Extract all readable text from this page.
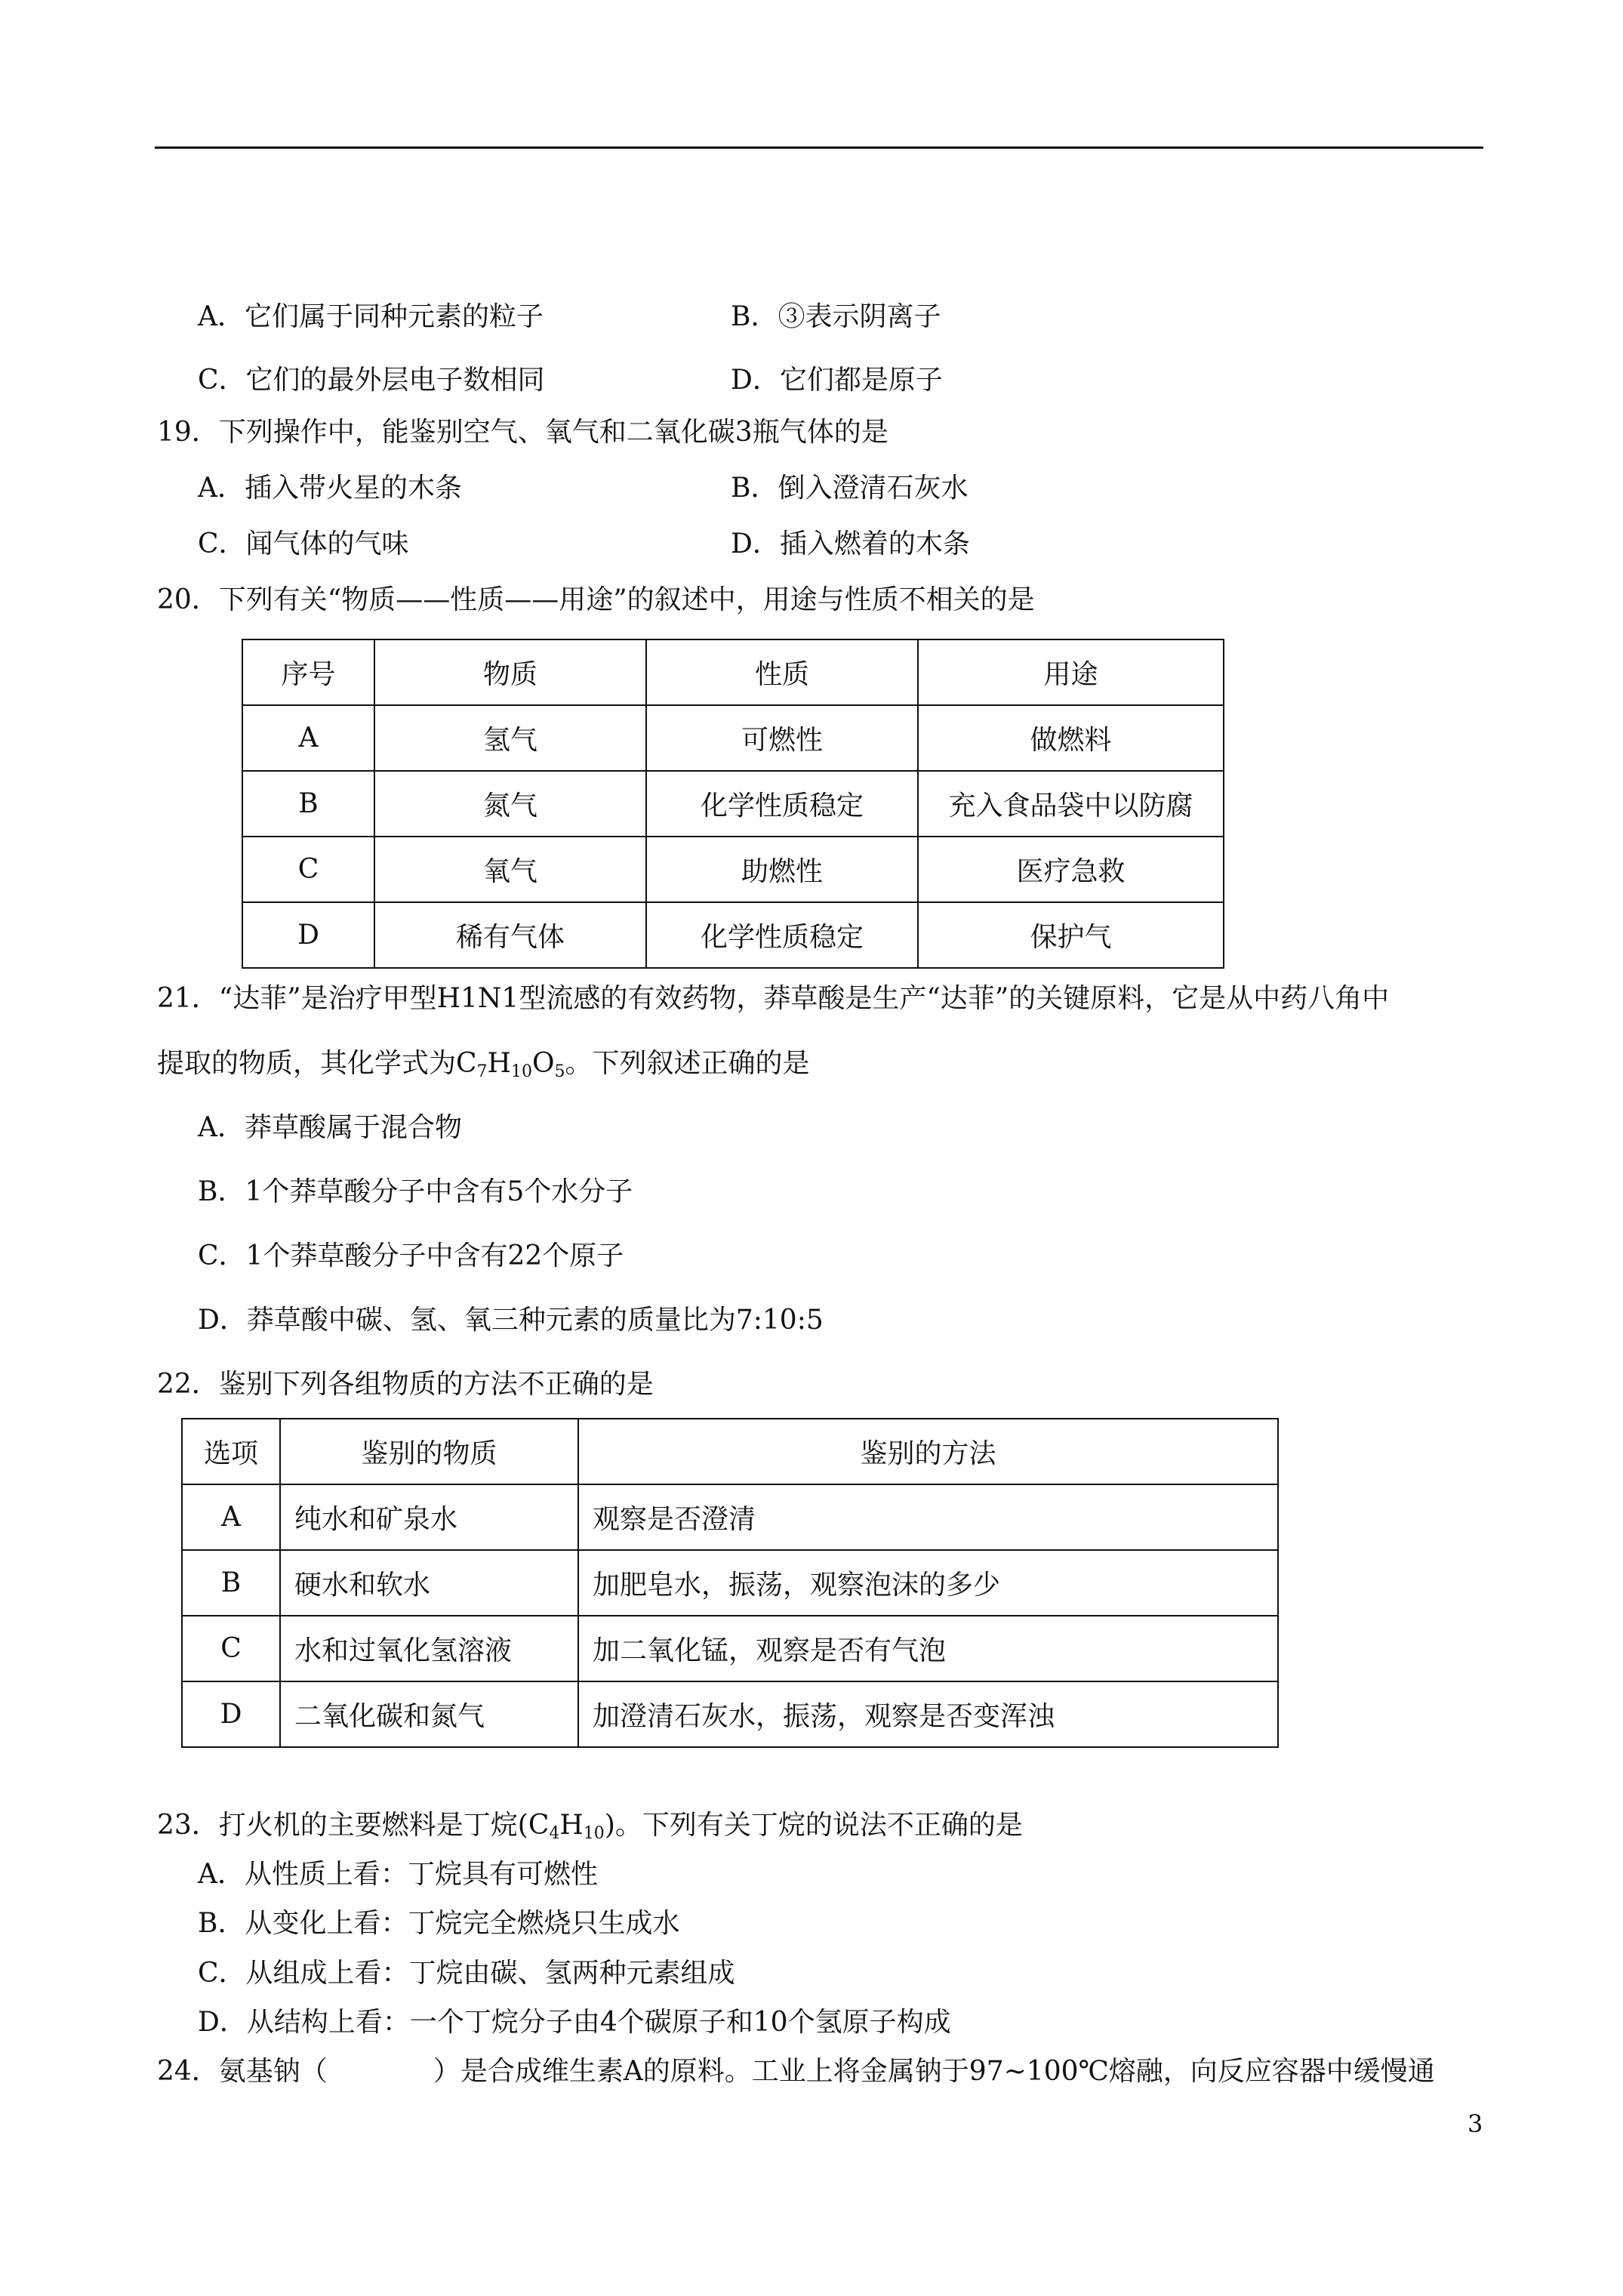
A．它们属于同种元素的粒子	B．③表示阴离子
C．它们的最外层电子数相同	D．它们都是原子
19．下列操作中，能鉴别空气、氧气和二氧化碳3瓶气体的是
A．插入带火星的木条	B．倒入澄清石灰水
C．闻气体的气味	D．插入燃着的木条
20．下列有关“物质——性质——用途”的叙述中，用途与性质不相关的是
序号	物质	性质	用途
A	氢气	可燃性	做燃料
B	氮气	化学性质稳定	充入食品袋中以防腐
C	氧气	助燃性	医疗急救
D	稀有气体	化学性质稳定	保护气
21．“达菲”是治疗甲型H1N1型流感的有效药物，莽草酸是生产“达菲”的关键原料，它是从中药八角中
提取的物质，其化学式为$C_7H_{10}O_5$。下列叙述正确的是
A．莽草酸属于混合物
B．1个莽草酸分子中含有5个水分子
C．1个莽草酸分子中含有22个原子
D．莽草酸中碳、氢、氧三种元素的质量比为7:10:5
22．鉴别下列各组物质的方法不正确的是
选项	鉴别的物质	鉴别的方法
A	纯水和矿泉水	观察是否澄清
B	硬水和软水	加肥皂水，振荡，观察泡沫的多少
C	水和过氧化氢溶液	加二氧化锰，观察是否有气泡
D	二氧化碳和氮气	加澄清石灰水，振荡，观察是否变浑浊
23．打火机的主要燃料是丁烷$(C_4H_{10})$。下列有关丁烷的说法不正确的是
A．从性质上看：丁烷具有可燃性
B．从变化上看：丁烷完全燃烧只生成水
C．从组成上看：丁烷由碳、氢两种元素组成
D．从结构上看：一个丁烷分子由4个碳原子和10个氢原子构成
24．氨基钠（	）是合成维生素A的原料。工业上将金属钠于97~100℃熔融，向反应容器中缓慢通
3
